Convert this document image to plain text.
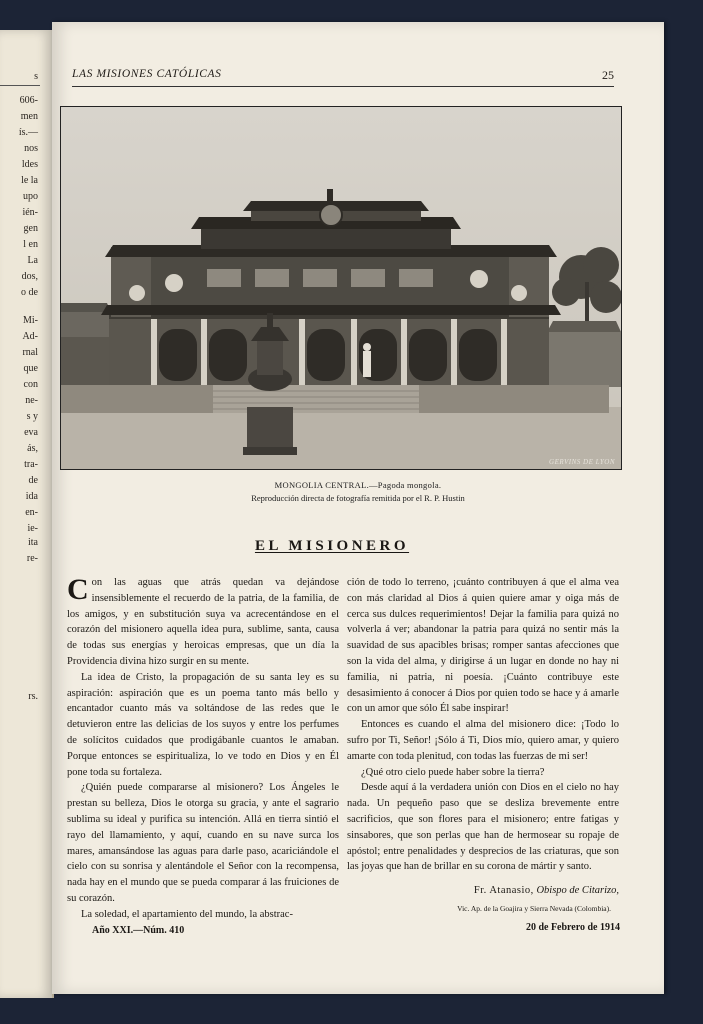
s
606-
men
ís.—
nos
ldes
le la
upo
ién-
gen
l en
La
dos,
o de
Mi-
Ad-
rnal
que
con
ne-
s y
eva
ás,
tra-
de
ida
en-
ie-
ita
re-
rs.
LAS MISIONES CATÓLICAS	25
GERVINS DE LYON
MONGOLIA CENTRAL.—Pagoda mongola.
Reproducción directa de fotografía remitida por el R. P. Hustin
EL MISIONERO

Con las aguas que atrás quedan va dejándose insensiblemente el recuerdo de la patria, de la familia, de los amigos, y en substitución suya va acrecentándose en el corazón del misionero aquella idea pura, sublime, santa, causa de todas sus energías y heroicas empresas, que un día la Providencia divina hizo surgir en su mente.

La idea de Cristo, la propagación de su santa ley es su aspiración: aspiración que es un poema tanto más bello y encantador cuanto más va soltándose de las redes que le detuvieron entre las delicias de los suyos y entre los perfumes de solícitos cuidados que prodigábanle cuantos le amaban. Porque entonces se espiritualiza, lo ve todo en Dios y en Él pone toda su fortaleza.

¿Quién puede compararse al misionero? Los Ángeles le prestan su belleza, Dios le otorga su gracia, y ante el sagrario sublima su ideal y purifica su intención. Allá en tierra sintió el rayo del llamamiento, y aquí, cuando en su nave surca los mares, amansándose las aguas para darle paso, acariciándole el cielo con su sonrisa y alentándole el Señor con la recompensa, nada hay en el mundo que se pueda comparar á las fruiciones de su corazón.

La soledad, el apartamiento del mundo, la abstrac-

ción de todo lo terreno, ¡cuánto contribuyen á que el alma vea con más claridad al Dios á quien quiere amar y oiga más de cerca sus dulces requerimientos! Dejar la familia para quizá no volverla á ver; abandonar la patria para quizá no sentir más la suavidad de sus apacibles brisas; romper santas afecciones que son la vida del alma, y dirigirse á un lugar en donde no hay ni familia, ni patria, ni poesía. ¡Cuánto contribuye este desasimiento á conocer á Dios por quien todo se hace y á amarle con un amor que sólo Él sabe inspirar!

Entonces es cuando el alma del misionero dice: ¡Todo lo sufro por Ti, Señor! ¡Sólo á Ti, Dios mío, quiero amar, y quiero amarte con toda plenitud, con todas las fuerzas de mi ser!

¿Qué otro cielo puede haber sobre la tierra?

Desde aquí á la verdadera unión con Dios en el cielo no hay nada. Un pequeño paso que se desliza brevemente entre sacrificios, que son flores para el misionero; entre fatigas y sinsabores, que son perlas que han de hermosear su ropaje de apóstol; entre penalidades y desprecios de las criaturas, que son las joyas que han de brillar en su corona de mártir y santo.

Fr. Atanasio, Obispo de Citarizo,
Vic. Ap. de la Goajira y Sierra Nevada (Colombia).
Año XXI.—Núm. 410	20 de Febrero de 1914
